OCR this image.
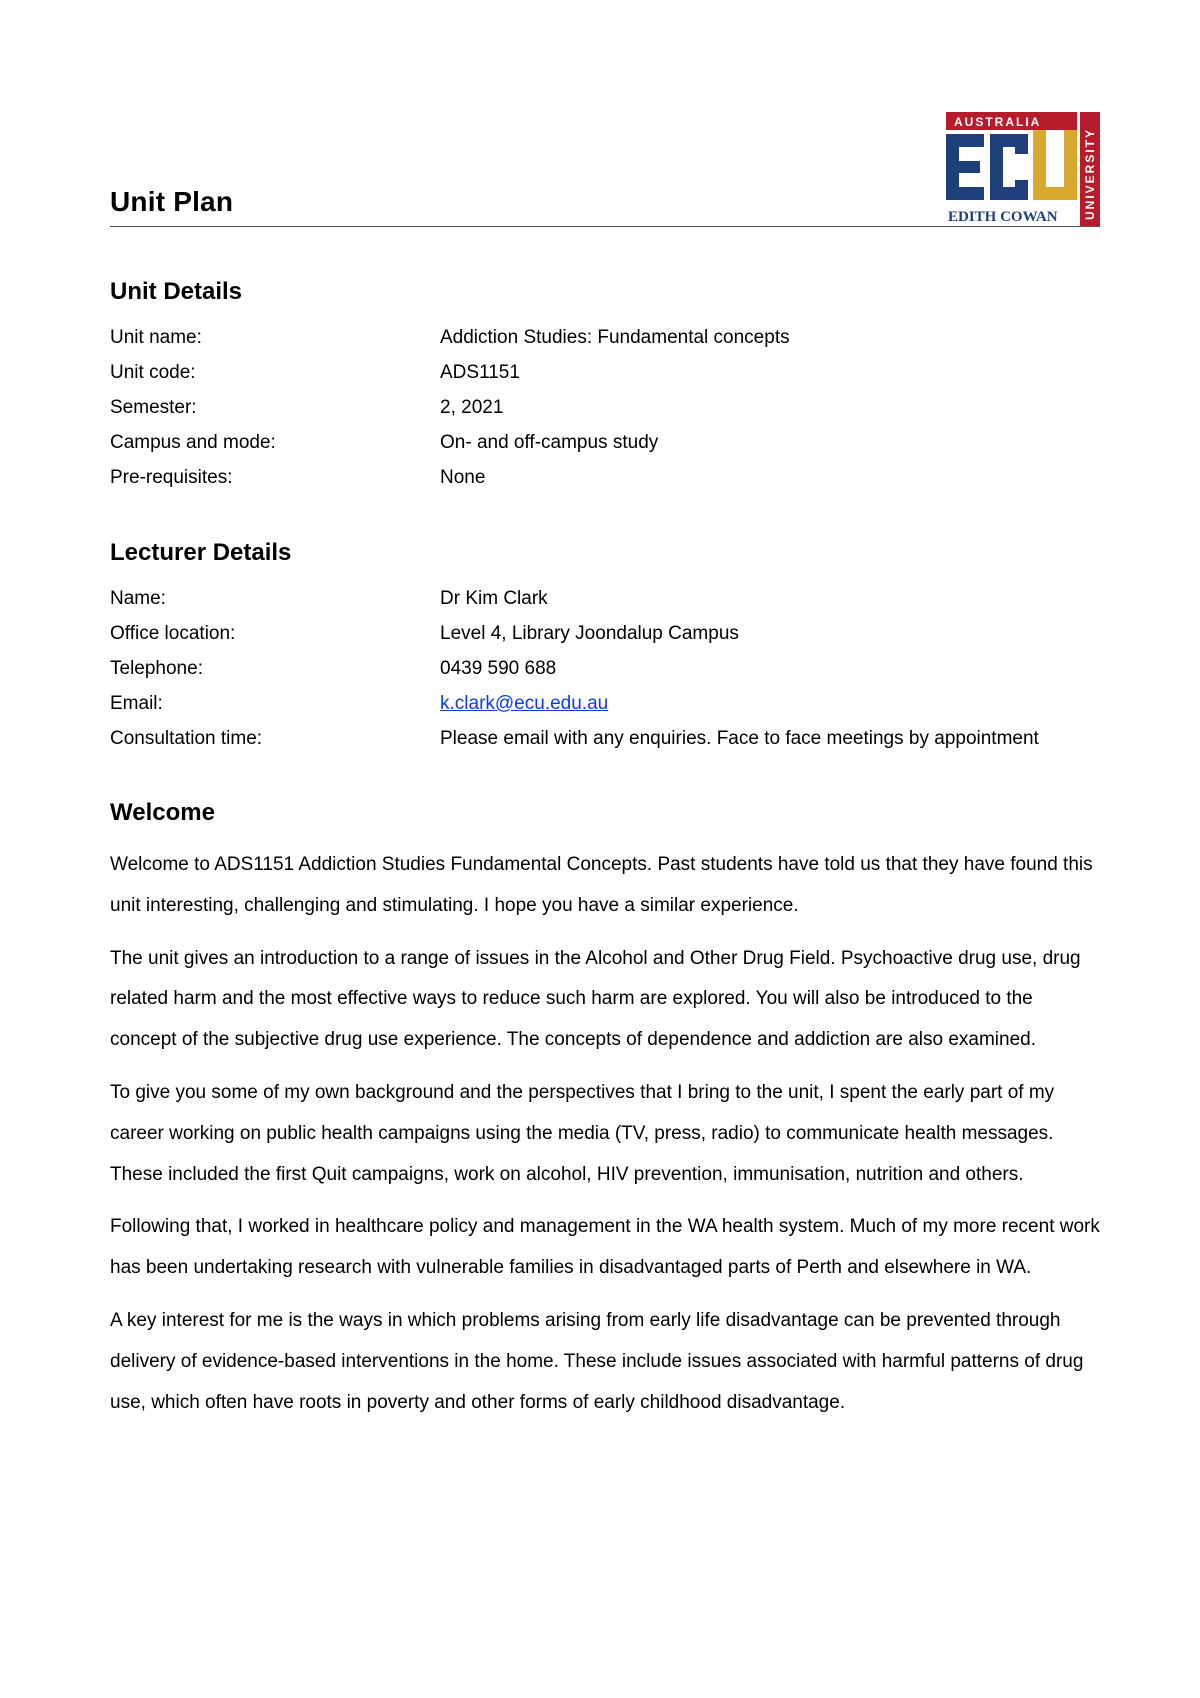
Unit Plan
AUSTRALIA
UNIVERSITY
EDITH COWAN
Unit Details
Unit name:	Addiction Studies: Fundamental concepts
Unit code:	ADS1151
Semester:	2, 2021
Campus and mode:	On- and off-campus study
Pre-requisites:	None
Lecturer Details
Name:	Dr Kim Clark
Office location:	Level 4, Library Joondalup Campus
Telephone:	0439 590 688
Email:	k.clark@ecu.edu.au
Consultation time:	Please email with any enquiries. Face to face meetings by appointment
Welcome

Welcome to ADS1151 Addiction Studies Fundamental Concepts. Past students have told us that they have found this unit interesting, challenging and stimulating. I hope you have a similar experience.

The unit gives an introduction to a range of issues in the Alcohol and Other Drug Field. Psychoactive drug use, drug related harm and the most effective ways to reduce such harm are explored. You will also be introduced to the concept of the subjective drug use experience. The concepts of dependence and addiction are also examined.

To give you some of my own background and the perspectives that I bring to the unit, I spent the early part of my career working on public health campaigns using the media (TV, press, radio) to communicate health messages. These included the first Quit campaigns, work on alcohol, HIV prevention, immunisation, nutrition and others.

Following that, I worked in healthcare policy and management in the WA health system. Much of my more recent work has been undertaking research with vulnerable families in disadvantaged parts of Perth and elsewhere in WA.

A key interest for me is the ways in which problems arising from early life disadvantage can be prevented through delivery of evidence-based interventions in the home. These include issues associated with harmful patterns of drug use, which often have roots in poverty and other forms of early childhood disadvantage.
